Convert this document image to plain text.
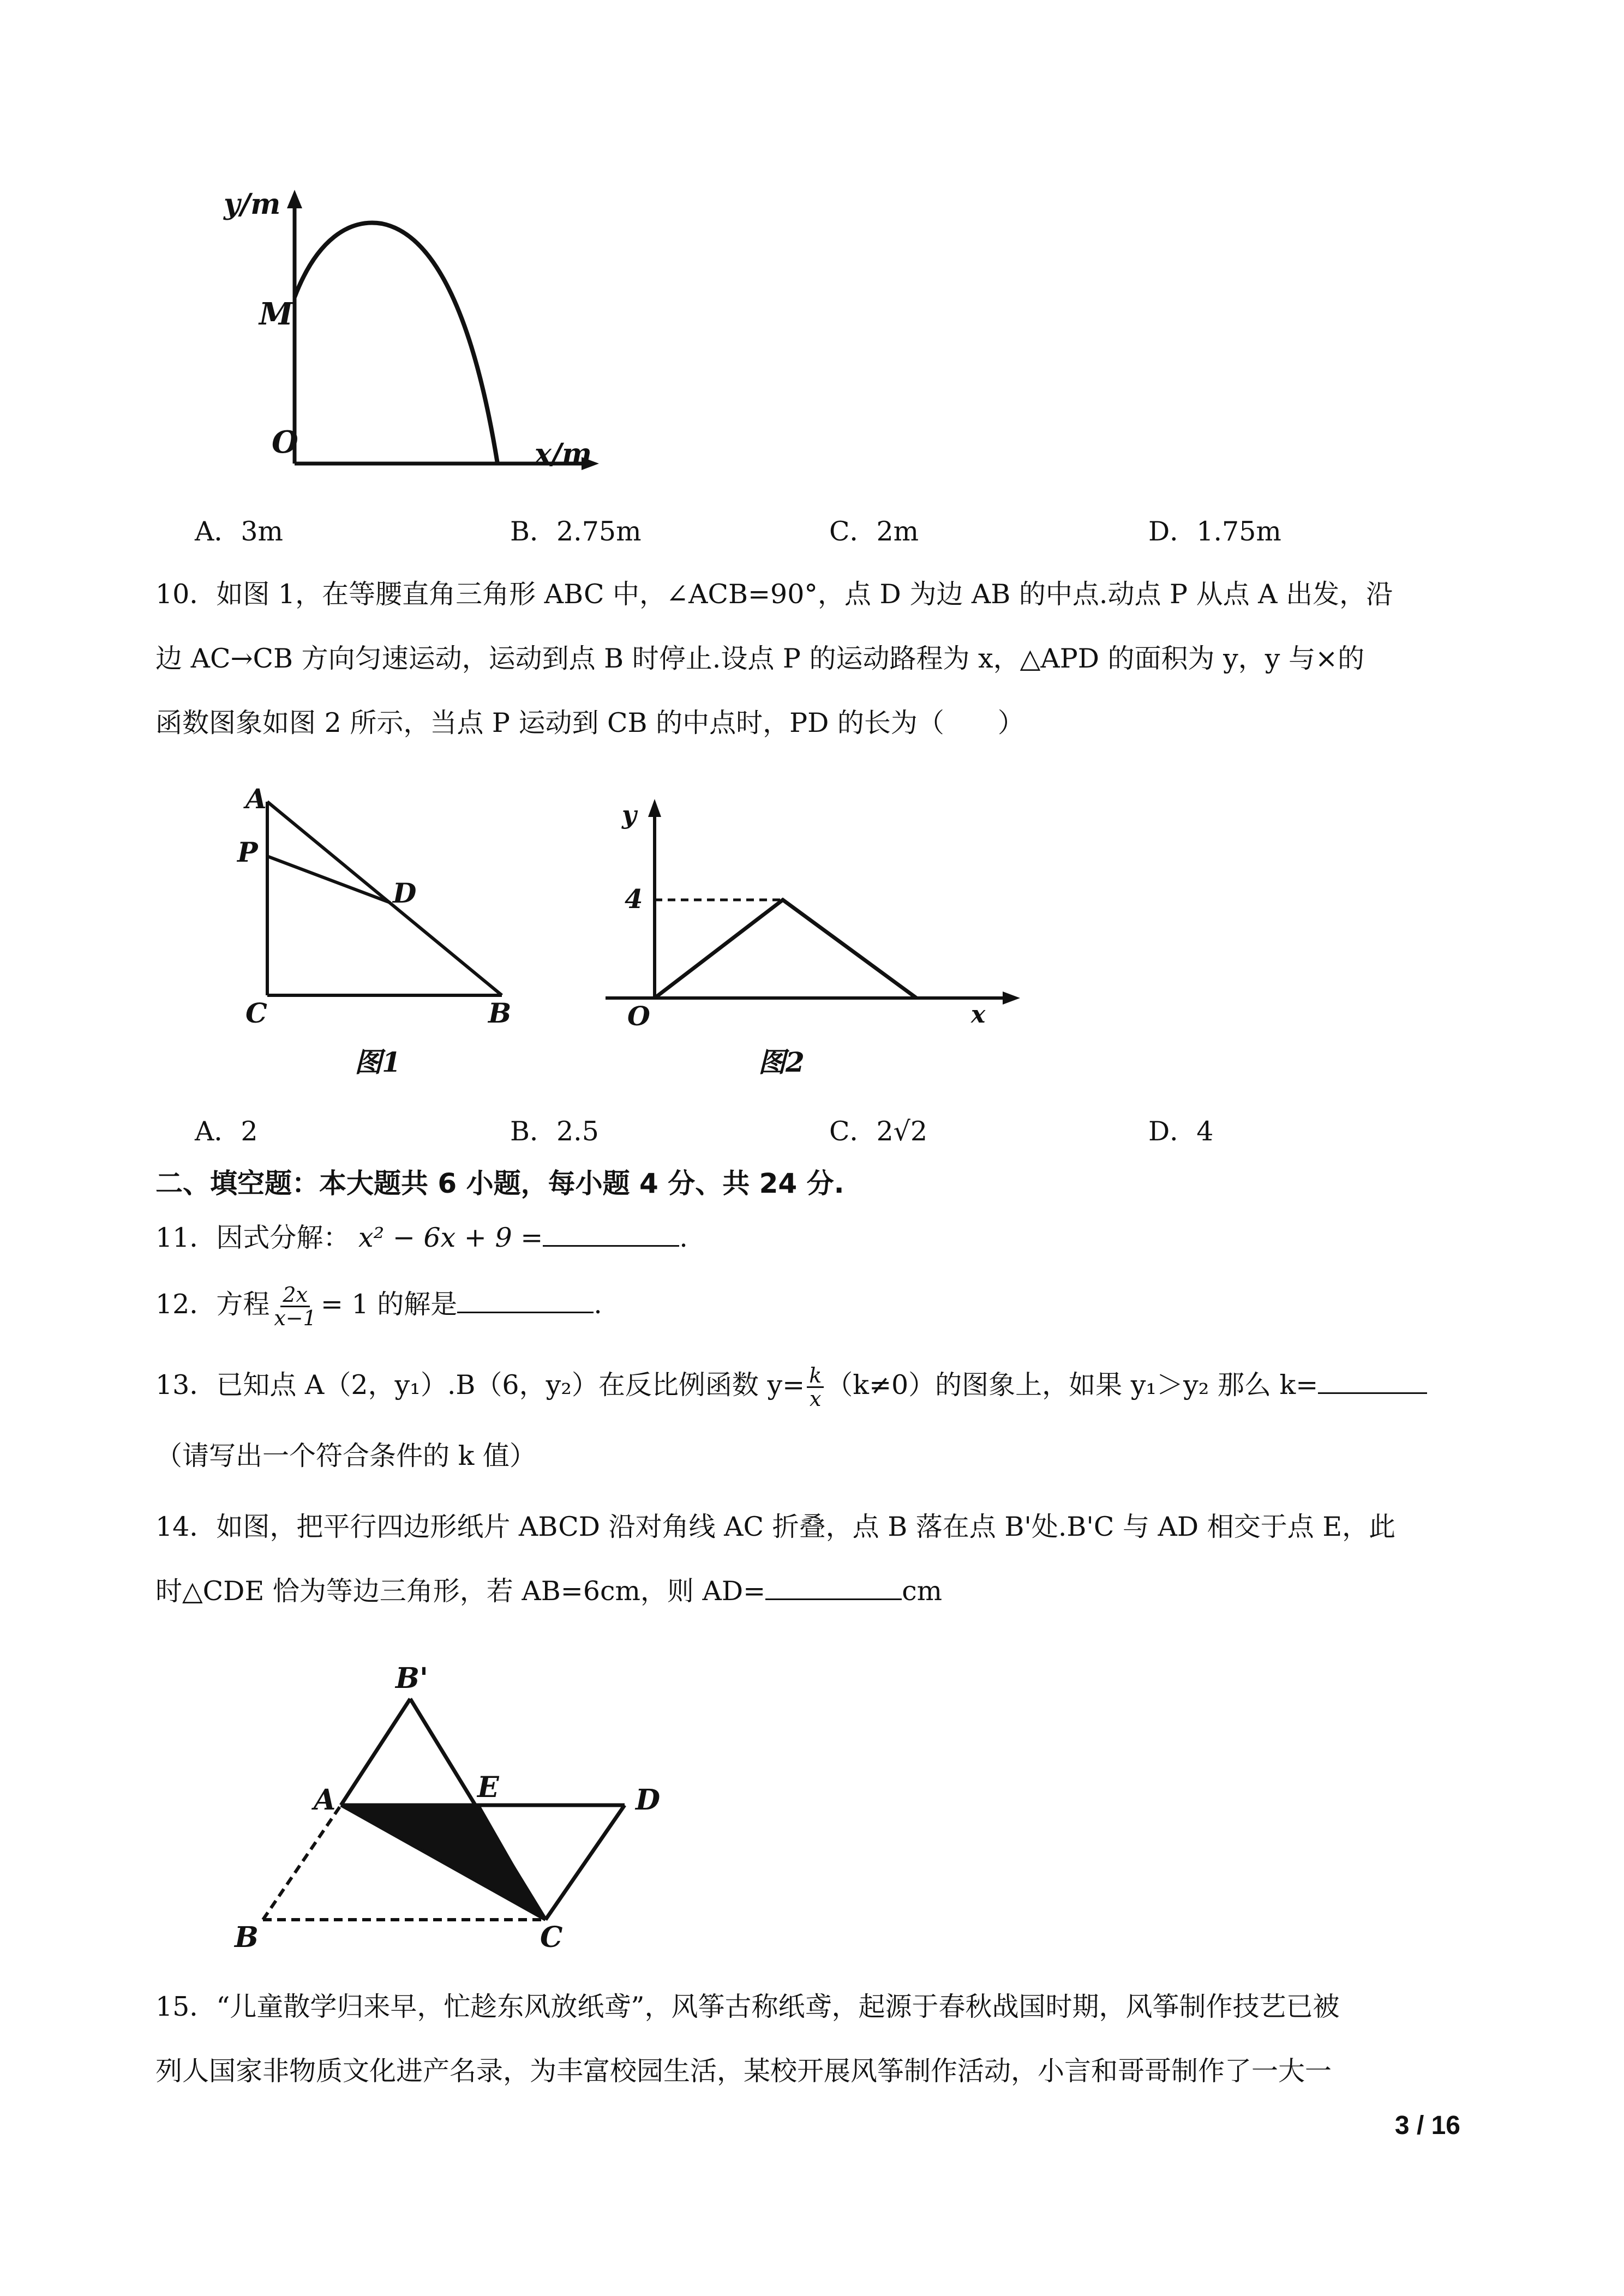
y/m
M
O	x/m
A．3m	B．2.75m	C．2m	D．1.75m
10．如图 1，在等腰直角三角形 ABC 中，∠ACB=90°，点 D 为边 AB 的中点.动点 P 从点 A 出发，沿
边 AC→CB 方向匀速运动，运动到点 B 时停止.设点 P 的运动路程为 x，△APD 的面积为 y，y 与×的
函数图象如图 2 所示，当点 P 运动到 CB 的中点时，PD 的长为（　　）
A
P
D
C	B
图1
y
4
O	x
图2
A．2	B．2.5	C．2√2	D．4
二、填空题：本大题共 6 小题，每小题 4 分、共 24 分.
11．因式分解： x² − 6x + 9 =	.
12．方程 $\frac{2x}{x-1} = 1$ 的解是	.
13．已知点 A（2，y₁）.B（6，y₂）在反比例函数 $y= \frac{k}{x} (k\ne 0)$的图象上，如果 y₁＞y₂ 那么 k=
（请写出一个符合条件的 k 值）
14．如图，把平行四边形纸片 ABCD 沿对角线 AC 折叠，点 B 落在点 B'处.B'C 与 AD 相交于点 E，此
时△CDE 恰为等边三角形，若 AB=6cm，则 AD=	cm
B'
A	E	D
B	C
15．“儿童散学归来早，忙趁东风放纸鸢”，风筝古称纸鸢，起源于春秋战国时期，风筝制作技艺已被
列人国家非物质文化进产名录，为丰富校园生活，某校开展风筝制作活动，小言和哥哥制作了一大一
3 / 16
